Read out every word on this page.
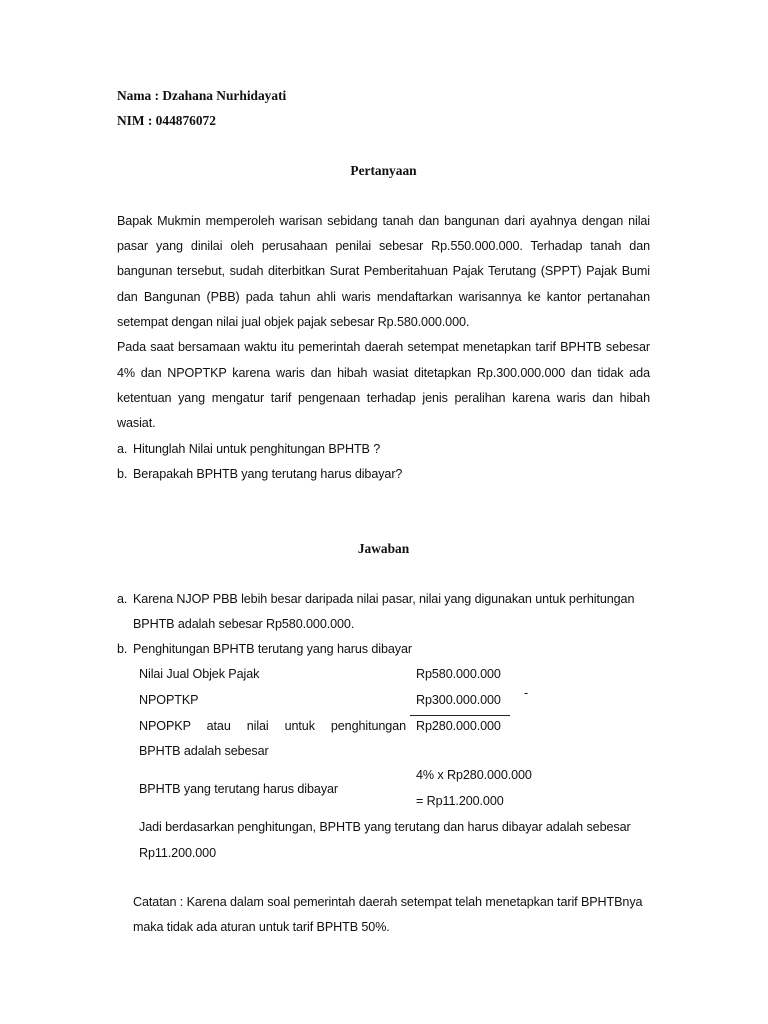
Nama : Dzahana Nurhidayati
NIM : 044876072
Pertanyaan
Bapak Mukmin memperoleh warisan sebidang tanah dan bangunan dari ayahnya dengan nilai
pasar yang dinilai oleh perusahaan penilai sebesar Rp.550.000.000. Terhadap tanah dan
bangunan tersebut, sudah diterbitkan Surat Pemberitahuan Pajak Terutang (SPPT) Pajak Bumi
dan Bangunan (PBB) pada tahun ahli waris mendaftarkan warisannya ke kantor pertanahan
setempat dengan nilai jual objek pajak sebesar Rp.580.000.000.
Pada saat bersamaan waktu itu pemerintah daerah setempat menetapkan tarif BPHTB sebesar
4% dan NPOPTKP karena waris dan hibah wasiat ditetapkan Rp.300.000.000 dan tidak ada
ketentuan yang mengatur tarif pengenaan terhadap jenis peralihan karena waris dan hibah
wasiat.
a. Hitunglah Nilai untuk penghitungan BPHTB ?
b. Berapakah BPHTB yang terutang harus dibayar?
Jawaban
a. Karena NJOP PBB lebih besar daripada nilai pasar, nilai yang digunakan untuk perhitungan
BPHTB adalah sebesar Rp580.000.000.
b. Penghitungan BPHTB terutang yang harus dibayar
Nilai Jual Objek Pajak	Rp580.000.000
NPOPTKP	Rp300.000.000 -
NPOPKP atau nilai untuk penghitungan
BPHTB adalah sebesar
Rp280.000.000
BPHTB yang terutang harus dibayar
4% x Rp280.000.000
= Rp11.200.000
Jadi berdasarkan penghitungan, BPHTB yang terutang dan harus dibayar adalah sebesar
Rp11.200.000
Catatan : Karena dalam soal pemerintah daerah setempat telah menetapkan tarif BPHTBnya
maka tidak ada aturan untuk tarif BPHTB 50%.
